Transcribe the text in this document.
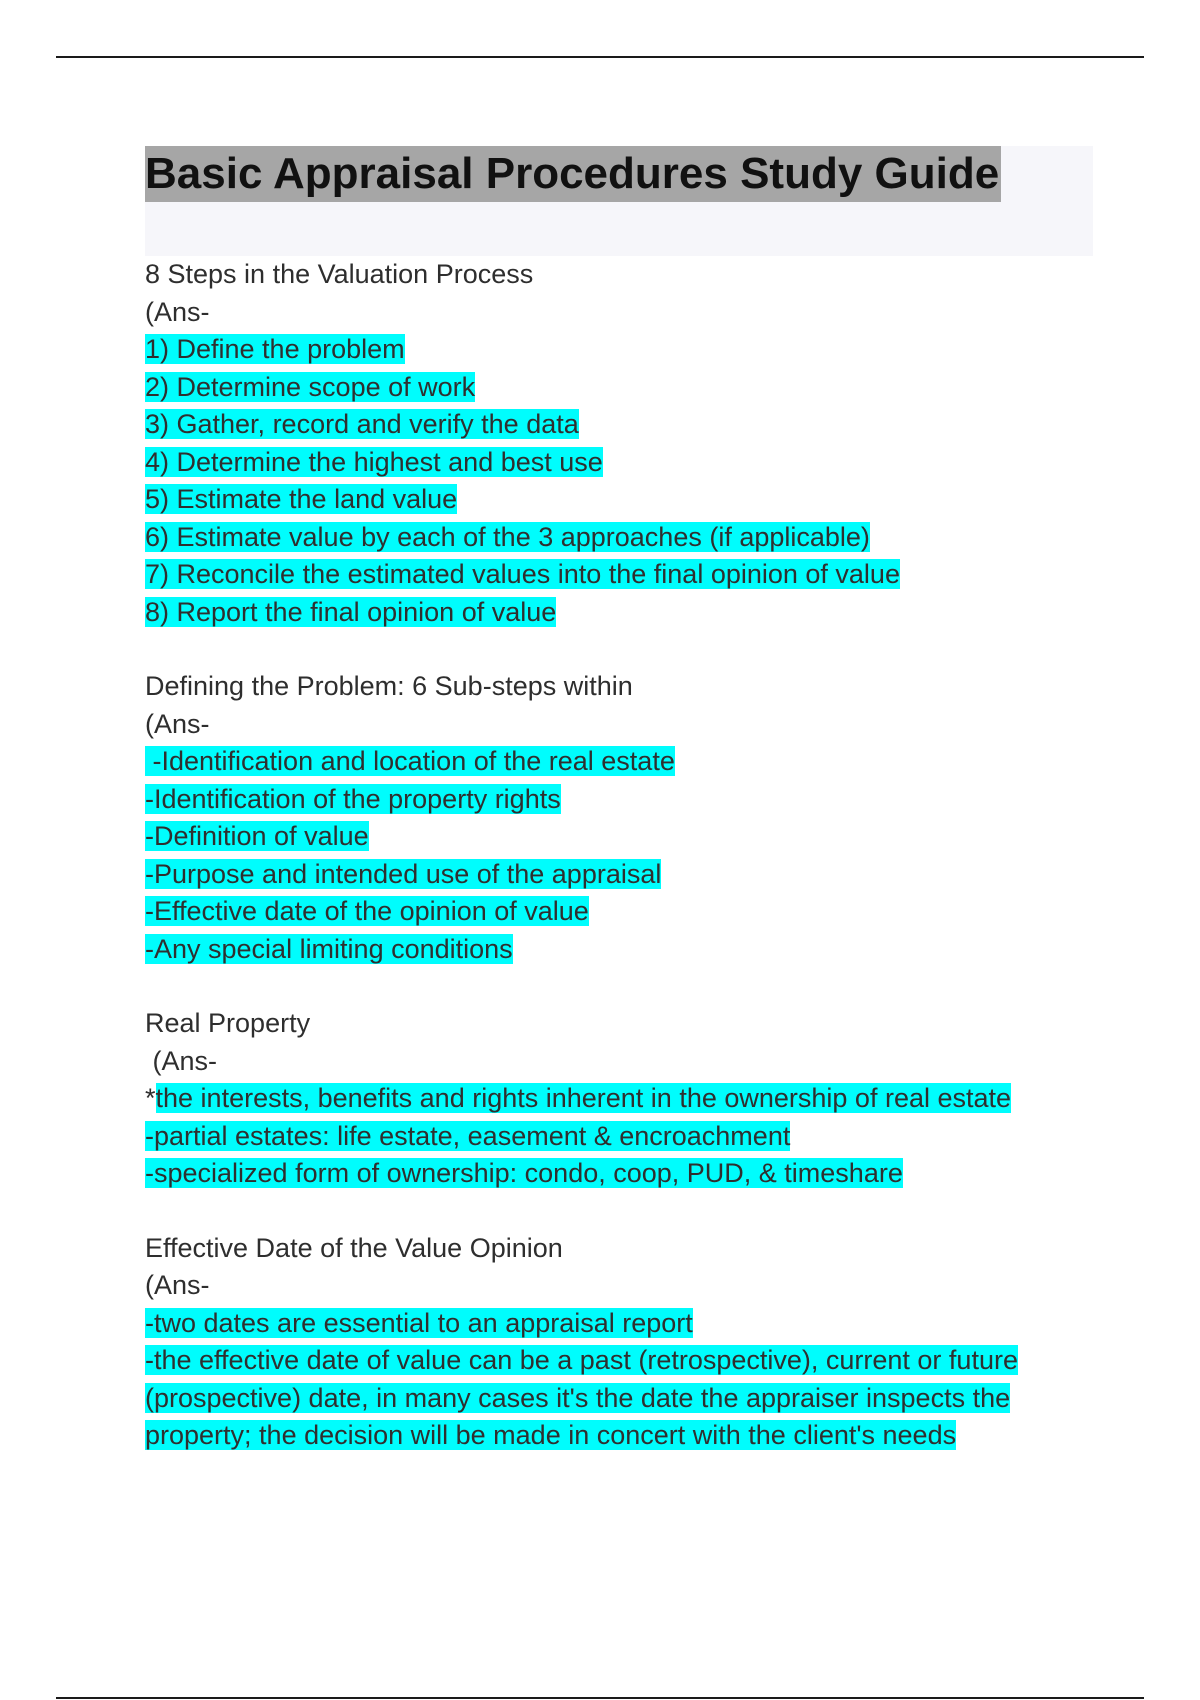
Basic Appraisal Procedures Study Guide
8 Steps in the Valuation Process
(Ans-
1) Define the problem
2) Determine scope of work
3) Gather, record and verify the data
4) Determine the highest and best use
5) Estimate the land value
6) Estimate value by each of the 3 approaches (if applicable)
7) Reconcile the estimated values into the final opinion of value
8) Report the final opinion of value
Defining the Problem: 6 Sub-steps within
(Ans-
-Identification and location of the real estate
-Identification of the property rights
-Definition of value
-Purpose and intended use of the appraisal
-Effective date of the opinion of value
-Any special limiting conditions
Real Property
(Ans-
*the interests, benefits and rights inherent in the ownership of real estate
-partial estates: life estate, easement & encroachment
-specialized form of ownership: condo, coop, PUD, & timeshare
Effective Date of the Value Opinion
(Ans-
-two dates are essential to an appraisal report
-the effective date of value can be a past (retrospective), current or future
(prospective) date, in many cases it's the date the appraiser inspects the
property; the decision will be made in concert with the client's needs
